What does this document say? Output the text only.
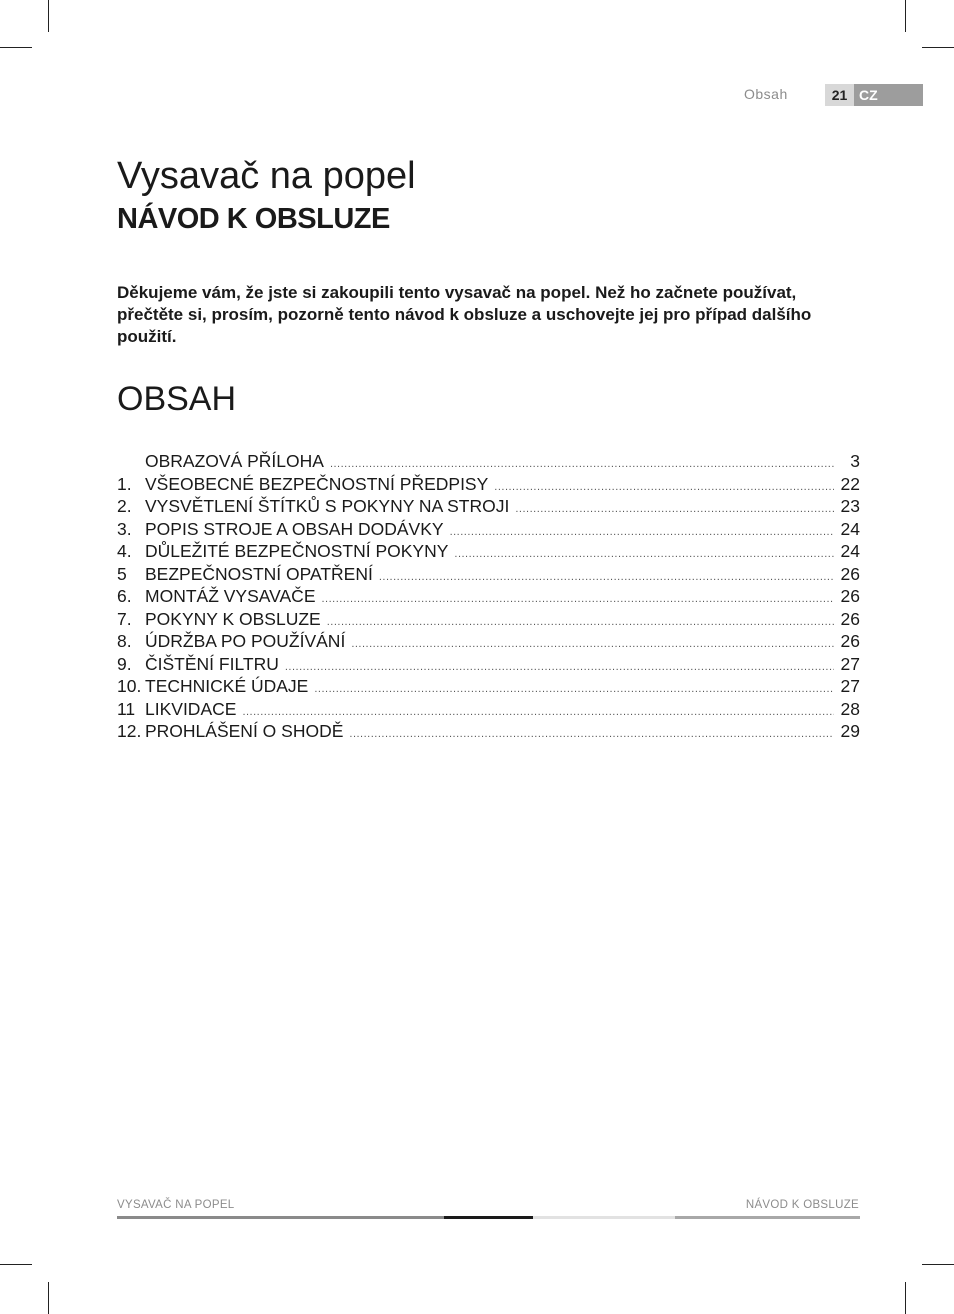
Obsah	21 CZ
Vysavač na popel
NÁVOD K OBSLUZE

Děkujeme vám, že jste si zakoupili tento vysavač na popel. Než ho začnete používat, přečtěte si, prosím, pozorně tento návod k obsluze a uschovejte jej pro případ dalšího použití.

OBSAH
OBRAZOVÁ PŘÍLOHA .....	3
1. VŠEOBECNÉ BEZPEČNOSTNÍ PŘEDPISY .....	22
2. VYSVĚTLENÍ ŠTÍTKŮ S POKYNY NA STROJI .....	23
3. POPIS STROJE A OBSAH DODÁVKY .....	24
4. DŮLEŽITÉ BEZPEČNOSTNÍ POKYNY .....	24
5	BEZPEČNOSTNÍ OPATŘENÍ .....	26
6. MONTÁŽ VYSAVAČE .....	26
7. POKYNY K OBSLUZE .....	26
8. ÚDRŽBA PO POUŽÍVÁNÍ .....	26
9. ČIŠTĚNÍ FILTRU .....	27
10. TECHNICKÉ ÚDAJE .....	27
11 LIKVIDACE .....	28
12. PROHLÁŠENÍ O SHODĚ .....	29
VYSAVAČ NA POPEL	NÁVOD K OBSLUZE
